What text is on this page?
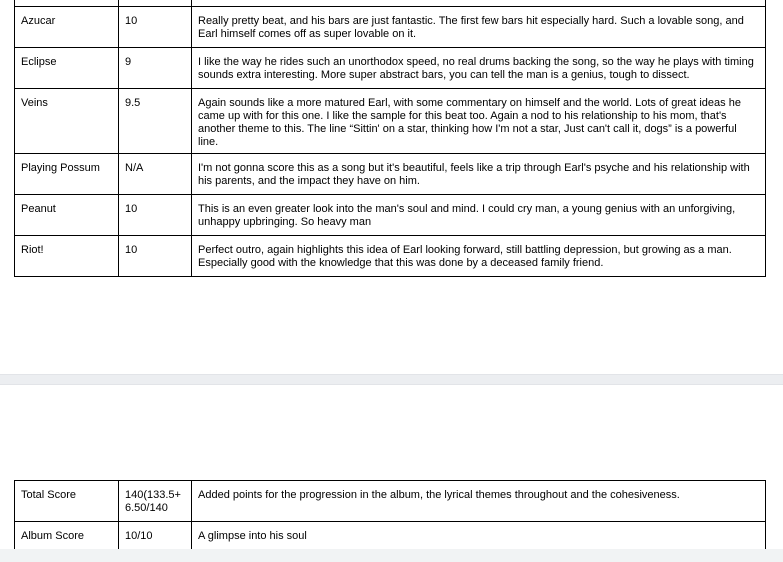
Azucar	10	Really pretty beat, and his bars are just fantastic. The first few bars hit especially hard. Such a lovable song, and Earl himself comes off as super lovable on it.
Eclipse	9	I like the way he rides such an unorthodox speed, no real drums backing the song, so the way he plays with timing sounds extra interesting. More super abstract bars, you can tell the man is a genius, tough to dissect.
Veins	9.5	Again sounds like a more matured Earl, with some commentary on himself and the world. Lots of great ideas he came up with for this one. I like the sample for this beat too. Again a nod to his relationship to his mom, that's another theme to this. The line “Sittin' on a star, thinking how I'm not a star, Just can't call it, dogs” is a powerful line.
Playing Possum	N/A	I'm not gonna score this as a song but it's beautiful, feels like a trip through Earl's psyche and his relationship with his parents, and the impact they have on him.
Peanut	10	This is an even greater look into the man's soul and mind. I could cry man, a young genius with an unforgiving, unhappy upbringing. So heavy man
Riot!	10	Perfect outro, again highlights this idea of Earl looking forward, still battling depression, but growing as a man. Especially good with the knowledge that this was done by a deceased family friend.
Total Score	140(133.5+ 6.50/140	Added points for the progression in the album, the lyrical themes throughout and the cohesiveness.
Album Score	10/10	A glimpse into his soul
